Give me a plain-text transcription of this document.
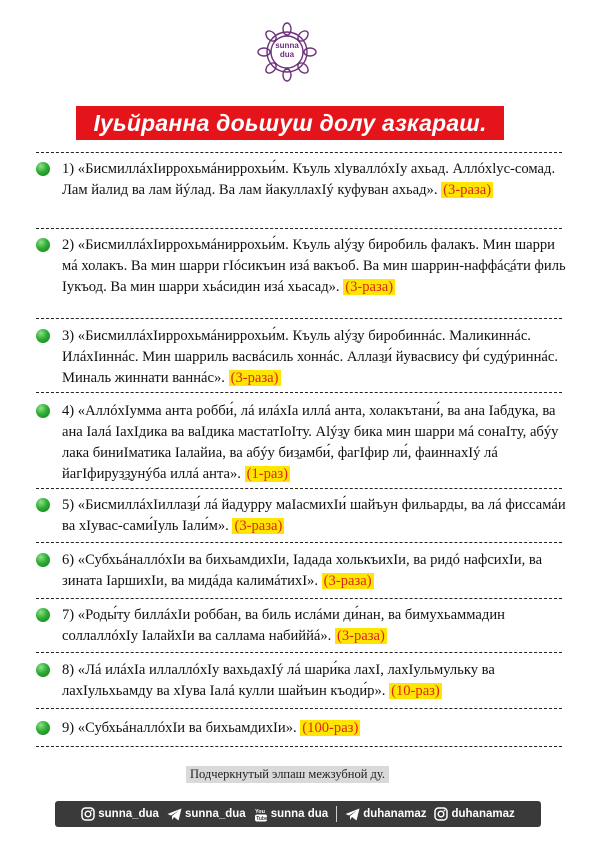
sunna
dua
Іуьйранна доьшуш долу азкараш.
1) «БисмиллáхІиррохьмáниррохьи́м. Къуль хlуваллóхІу ахьад. Аллóхlус-сомад. Лам йалид ва лам йýлад. Ва лам йакуллахІý куфуван ахьад». (3-раза)
2) «БисмиллáхІиррохьмáниррохьи́м. Къуль аlýз̱у биробиль фалакъ. Мин шарри мá холакъ. Ва мин шарри гІóсикъин изá вакъоб. Ва мин шаррин-наффáс̱áти филь Іукъод. Ва мин шарри хьáсидин изá хьасад». (3-раза)
3) «БисмиллáхІиррохьмáниррохьи́м. Къуль аlýз̱у биробиннáс. Маликиннáс. ИлáхІиннáс. Мин шарриль васвáсиль хоннáс. Аллаз̱и́ йувасвису фи́ судýриннáс. Миналь жиннати ваннáс». (3-раза)
4) «АллóхІумма анта робби́, лá илáхІа иллá анта, холакътани́, ва ана Іабдука, ва ана Іалá ІахІдика ва ваІдика мастатІоІту. Аlýз̱у бика мин шарри мá сонаІту, абýу лака биниІматика Іалайиа, ва абýу биз̱амби́, фагІфир ли́, фаиннахІý лá йагІфируз̱з̱унýба иллá анта». (1-раз)
5) «БисмиллáхІиллаз̱и́ лá йадурру маІасмихІи́ шайъун фильарды, ва лá фиссамáи ва хІувас-сами́Іуль Іали́м». (3-раза)
6) «СубхьáналлóхІи ва бихьамдихІи, Іадада холькъихІи, ва ридó нафсихІи, ва зината ІаршихІи, ва мидáда калимáтихІ». (3-раза)
7) «Роды́ту биллáхІи роббан, ва биль ислáми ди́нан, ва бимухьаммадин соллаллóхІу ІалайхІи ва саллама набиййá». (3-раза)
8) «Лá илáхІа иллаллóхІу вахьдахІý лá шари́ка лахІ, лахІульмульку ва лахІульхьамду ва хІува Іалá кулли шайъин къоди́р». (10-раз)
9) «СубхьáналлóхІи ва бихьамдихІи». (100-раз)
Подчеркнутый элпаш межзубной ду.
sunna_dua sunna_dua You
Tube sunna dua	duhanamaz duhanamaz
